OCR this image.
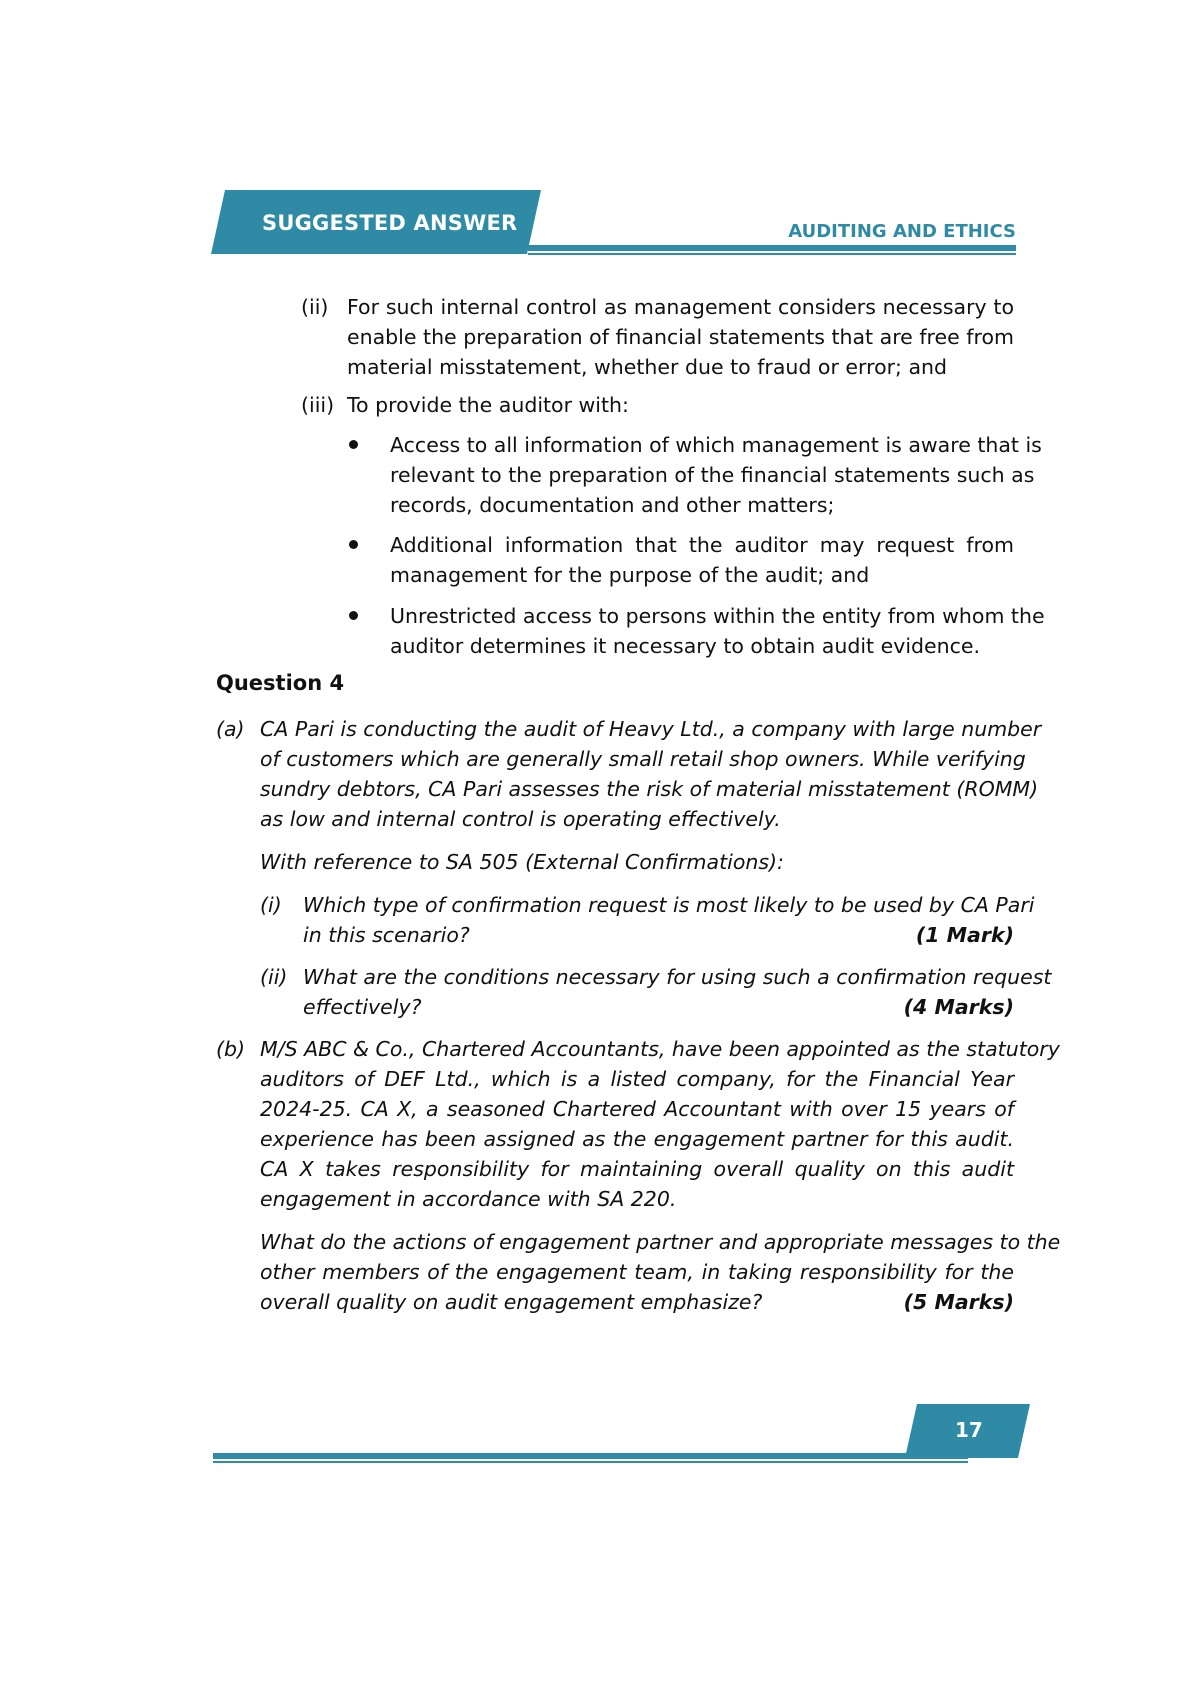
SUGGESTED ANSWER	AUDITING AND ETHICS
(ii) For such internal control as management considers necessary to
enable the preparation of financial statements that are free from
material misstatement, whether due to fraud or error; and
(iii) To provide the auditor with:
Access to all information of which management is aware that is
relevant to the preparation of the financial statements such as
records, documentation and other matters;
Additional information that the auditor may request from
management for the purpose of the audit; and
Unrestricted access to persons within the entity from whom the
auditor determines it necessary to obtain audit evidence.
Question 4
(a) CA Pari is conducting the audit of Heavy Ltd., a company with large number
of customers which are generally small retail shop owners. While verifying
sundry debtors, CA Pari assesses the risk of material misstatement (ROMM)
as low and internal control is operating effectively.
With reference to SA 505 (External Confirmations):
(i) Which type of confirmation request is most likely to be used by CA Pari
in this scenario?	(1 Mark)
(ii) What are the conditions necessary for using such a confirmation request
effectively?	(4 Marks)
(b) M/S ABC & Co., Chartered Accountants, have been appointed as the statutory
auditors of DEF Ltd., which is a listed company, for the Financial Year
2024-25. CA X, a seasoned Chartered Accountant with over 15 years of
experience has been assigned as the engagement partner for this audit.
CA X takes responsibility for maintaining overall quality on this audit
engagement in accordance with SA 220.
What do the actions of engagement partner and appropriate messages to the
other members of the engagement team, in taking responsibility for the
overall quality on audit engagement emphasize?	(5 Marks)
17
